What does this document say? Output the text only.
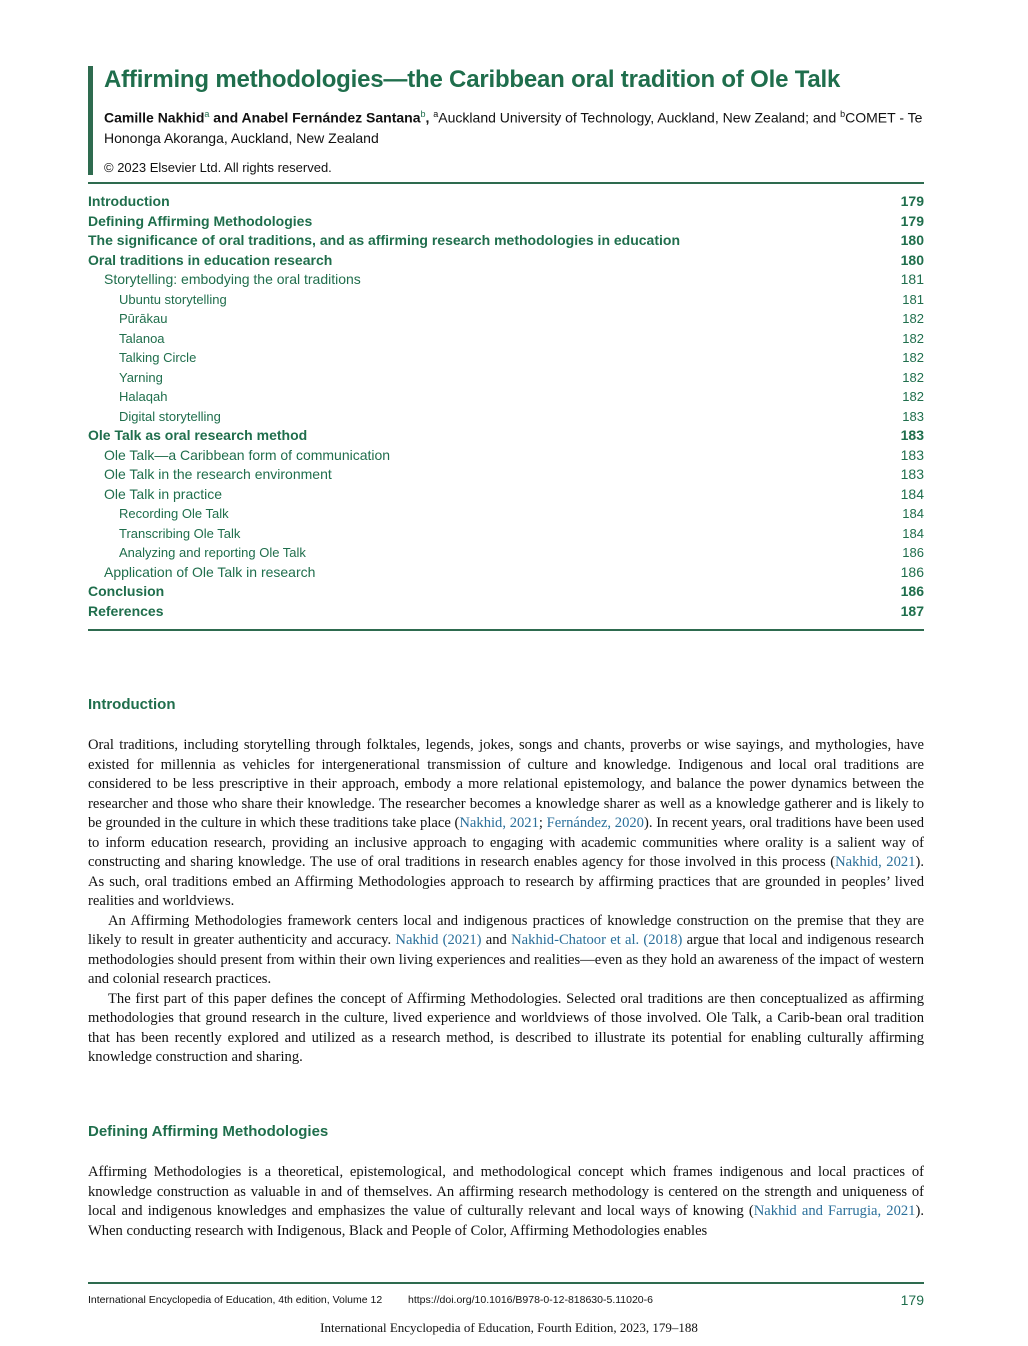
Affirming methodologies—the Caribbean oral tradition of Ole Talk

Camille Nakhid$^a$ and Anabel Fernández Santana$^b$, $^a$Auckland University of Technology, Auckland, New Zealand; and $^b$COMET - Te Hononga Akoranga, Auckland, New Zealand

© 2023 Elsevier Ltd. All rights reserved.
Introduction	179
Defining Affirming Methodologies	179
The significance of oral traditions, and as affirming research methodologies in education	180
Oral traditions in education research	180
Storytelling: embodying the oral traditions	181
Ubuntu storytelling	181
Pūrākau	182
Talanoa	182
Talking Circle	182
Yarning	182
Halaqah	182
Digital storytelling	183
Ole Talk as oral research method	183
Ole Talk—a Caribbean form of communication	183
Ole Talk in the research environment	183
Ole Talk in practice	184
Recording Ole Talk	184
Transcribing Ole Talk	184
Analyzing and reporting Ole Talk	186
Application of Ole Talk in research	186
Conclusion	186
References	187
Introduction

Oral traditions, including storytelling through folktales, legends, jokes, songs and chants, proverbs or wise sayings, and mythologies, have existed for millennia as vehicles for intergenerational transmission of culture and knowledge. Indigenous and local oral traditions are considered to be less prescriptive in their approach, embody a more relational epistemology, and balance the power dynamics between the researcher and those who share their knowledge. The researcher becomes a knowledge sharer as well as a knowledge gatherer and is likely to be grounded in the culture in which these traditions take place (Nakhid, 2021; Fernández, 2020). In recent years, oral traditions have been used to inform education research, providing an inclusive approach to engaging with academic communities where orality is a salient way of constructing and sharing knowledge. The use of oral traditions in research enables agency for those involved in this process (Nakhid, 2021). As such, oral traditions embed an Affirming Methodologies approach to research by affirming practices that are grounded in peoples’ lived realities and worldviews.

An Affirming Methodologies framework centers local and indigenous practices of knowledge construction on the premise that they are likely to result in greater authenticity and accuracy. Nakhid (2021) and Nakhid-Chatoor et al. (2018) argue that local and indigenous research methodologies should present from within their own living experiences and realities—even as they hold an awareness of the impact of western and colonial research practices.

The first part of this paper defines the concept of Affirming Methodologies. Selected oral traditions are then conceptualized as affirming methodologies that ground research in the culture, lived experience and worldviews of those involved. Ole Talk, a Carib-bean oral tradition that has been recently explored and utilized as a research method, is described to illustrate its potential for enabling culturally affirming knowledge construction and sharing.

Defining Affirming Methodologies

Affirming Methodologies is a theoretical, epistemological, and methodological concept which frames indigenous and local practices of knowledge construction as valuable in and of themselves. An affirming research methodology is centered on the strength and uniqueness of local and indigenous knowledges and emphasizes the value of culturally relevant and local ways of knowing (Nakhid and Farrugia, 2021). When conducting research with Indigenous, Black and People of Color, Affirming Methodologies enables

International Encyclopedia of Education, 4th edition, Volume 12 https://doi.org/10.1016/B978-0-12-818630-5.11020-6	179
International Encyclopedia of Education, Fourth Edition, 2023, 179–188
